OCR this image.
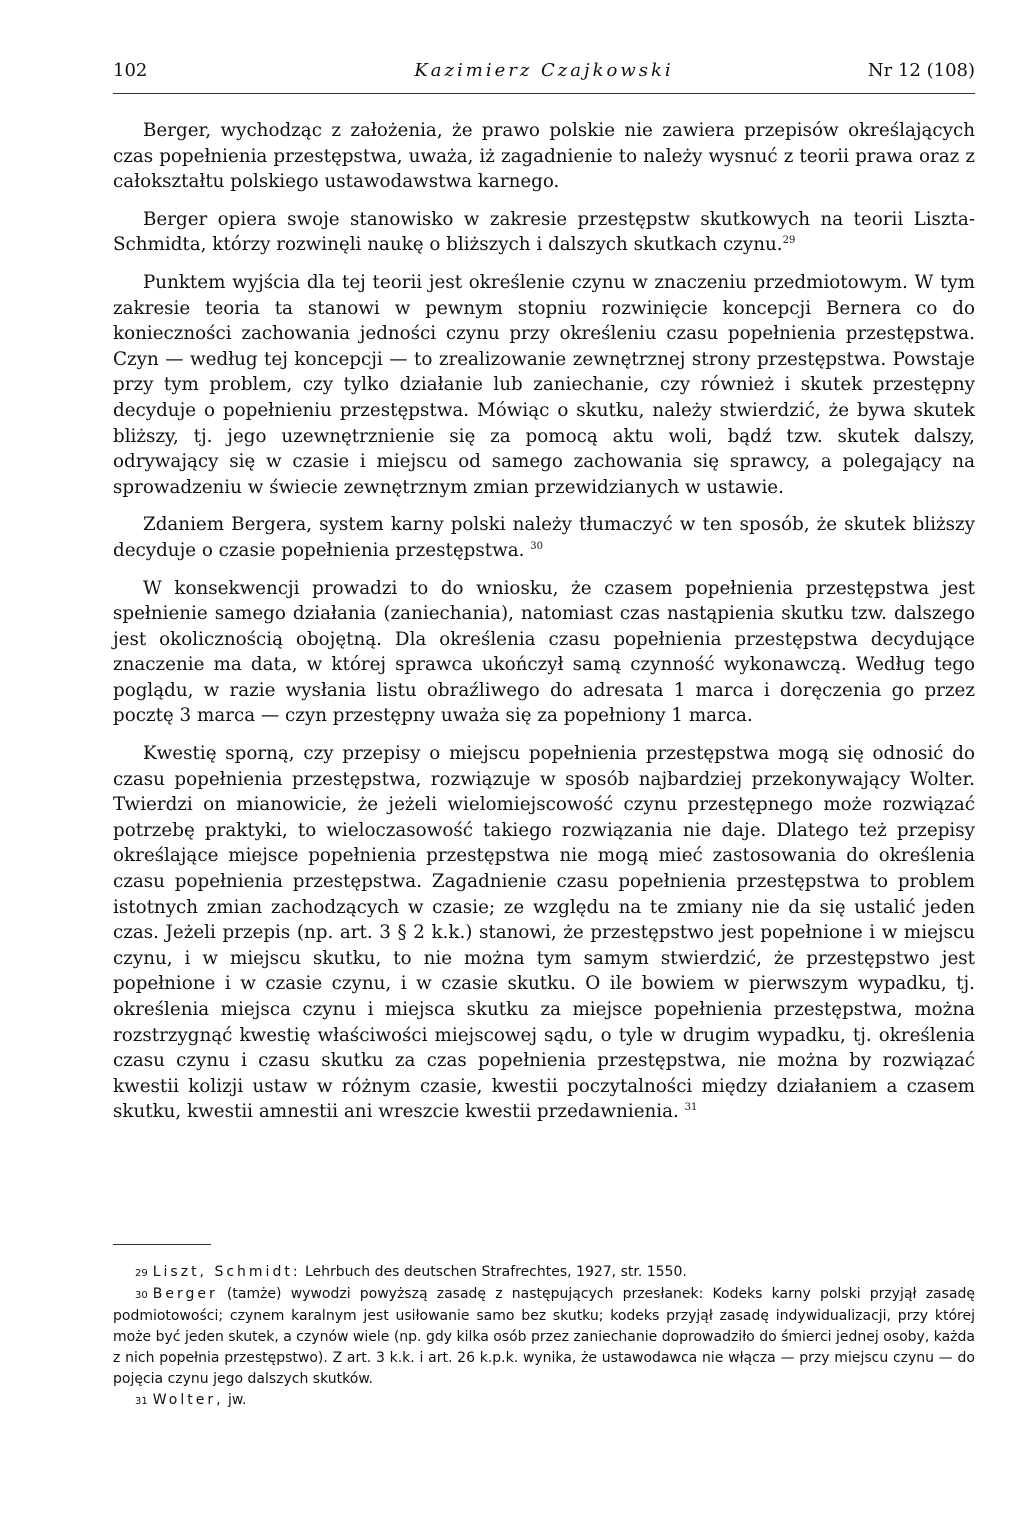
102	Kazimierz Czajkowski	Nr 12 (108)

Berger, wychodząc z założenia, że prawo polskie nie zawiera przepisów określających czas popełnienia przestępstwa, uważa, iż zagadnienie to należy wysnuć z teorii prawa oraz z całokształtu polskiego ustawodawstwa karnego.

Berger opiera swoje stanowisko w zakresie przestępstw skutkowych na teorii Liszta-Schmidta, którzy rozwinęli naukę o bliższych i dalszych skutkach czynu.$^{29}$

Punktem wyjścia dla tej teorii jest określenie czynu w znaczeniu przedmiotowym. W tym zakresie teoria ta stanowi w pewnym stopniu rozwinięcie koncepcji Bernera co do konieczności zachowania jedności czynu przy określeniu czasu popełnienia przestępstwa. Czyn — według tej koncepcji — to zrealizowanie zewnętrznej strony przestępstwa. Powstaje przy tym problem, czy tylko działanie lub zaniechanie, czy również i skutek przestępny decyduje o popełnieniu przestępstwa. Mówiąc o skutku, należy stwierdzić, że bywa skutek bliższy, tj. jego uzewnętrznienie się za pomocą aktu woli, bądź tzw. skutek dalszy, odrywający się w czasie i miejscu od samego zachowania się sprawcy, a polegający na sprowadzeniu w świecie zewnętrznym zmian przewidzianych w ustawie.

Zdaniem Bergera, system karny polski należy tłumaczyć w ten sposób, że skutek bliższy decyduje o czasie popełnienia przestępstwa. $^{30}$

W konsekwencji prowadzi to do wniosku, że czasem popełnienia przestępstwa jest spełnienie samego działania (zaniechania), natomiast czas nastąpienia skutku tzw. dalszego jest okolicznością obojętną. Dla określenia czasu popełnienia przestępstwa decydujące znaczenie ma data, w której sprawca ukończył samą czynność wykonawczą. Według tego poglądu, w razie wysłania listu obraźliwego do adresata 1 marca i doręczenia go przez pocztę 3 marca — czyn przestępny uważa się za popełniony 1 marca.

Kwestię sporną, czy przepisy o miejscu popełnienia przestępstwa mogą się odnosić do czasu popełnienia przestępstwa, rozwiązuje w sposób najbardziej przekonywający Wolter. Twierdzi on mianowicie, że jeżeli wielomiejscowość czynu przestępnego może rozwiązać potrzebę praktyki, to wieloczasowość takiego rozwiązania nie daje. Dlatego też przepisy określające miejsce popełnienia przestępstwa nie mogą mieć zastosowania do określenia czasu popełnienia przestępstwa. Zagadnienie czasu popełnienia przestępstwa to problem istotnych zmian zachodzących w czasie; ze względu na te zmiany nie da się ustalić jeden czas. Jeżeli przepis (np. art. 3 § 2 k.k.) stanowi, że przestępstwo jest popełnione i w miejscu czynu, i w miejscu skutku, to nie można tym samym stwierdzić, że przestępstwo jest popełnione i w czasie czynu, i w czasie skutku. O ile bowiem w pierwszym wypadku, tj. określenia miejsca czynu i miejsca skutku za miejsce popełnienia przestępstwa, można rozstrzygnąć kwestię właściwości miejscowej sądu, o tyle w drugim wypadku, tj. określenia czasu czynu i czasu skutku za czas popełnienia przestępstwa, nie można by rozwiązać kwestii kolizji ustaw w różnym czasie, kwestii poczytalności między działaniem a czasem skutku, kwestii amnestii ani wreszcie kwestii przedawnienia. $^{31}$

29 Liszt, Schmidt: Lehrbuch des deutschen Strafrechtes, 1927, str. 1550.

30 Berger (tamże) wywodzi powyższą zasadę z następujących przesłanek: Kodeks karny polski przyjął zasadę podmiotowości; czynem karalnym jest usiłowanie samo bez skutku; kodeks przyjął zasadę indywidualizacji, przy której może być jeden skutek, a czynów wiele (np. gdy kilka osób przez zaniechanie doprowadziło do śmierci jednej osoby, każda z nich popełnia przestępstwo). Z art. 3 k.k. i art. 26 k.p.k. wynika, że ustawodawca nie włącza — przy miejscu czynu — do pojęcia czynu jego dalszych skutków.

31 Wolter, jw.
